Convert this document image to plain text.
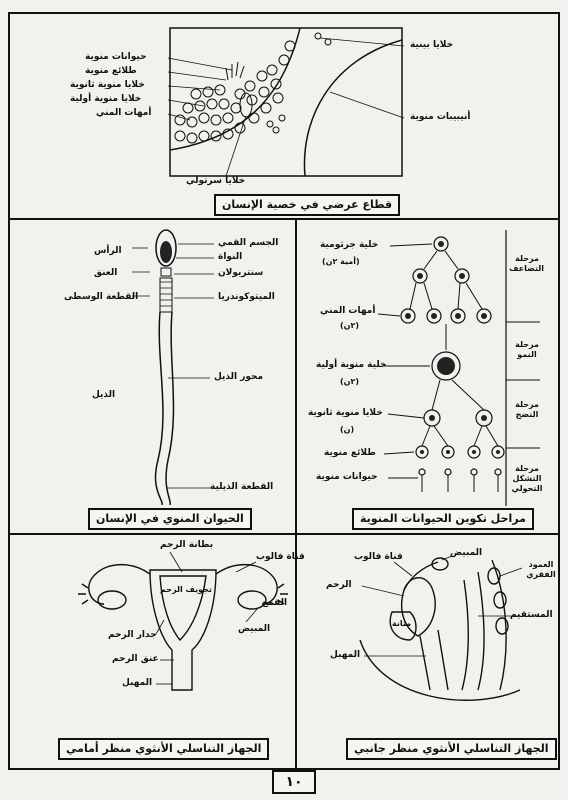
حيوانات منوية
طلائع منوية
خلايا منوية ثانوية
خلايا منوية أولية
أمهات المني
خلايا بينية
أنيبيبات منوية
خلايا سرتولي
قطاع عرضي في خصية الإنسان
الرأس
العنق
القطعة الوسطى
الذيل
الجسم القمي
النواة
سنتريولان
الميتوكوندريا
محور الذيل
القطعة الذيلية
الحيوان المنوي في الإنسان
خلية جرثومية
(أمية ٢ن)
أمهات المني
(٢ن)
خلية منوية أولية
(٢ن)
خلايا منوية ثانوية
(ن)
طلائع منوية
حيوانات منوية
مرحلة التضاعف
مرحلة النمو
مرحلة النضج
مرحلة التشكل التحولي
مراحل تكوين الحيوانات المنوية
بطانة الرحم
قناة فالوب
تجويف الرحم
القمع
المبيض
جدار الرحم
عنق الرحم
المهبل
الجهاز التناسلي الأنثوي منظر أمامي
المبيض
قناة فالوب
الرحم
مثانة
المهبل
المستقيم
العمود الفقري
الجهاز التناسلي الأنثوي منظر جانبي
١٠
